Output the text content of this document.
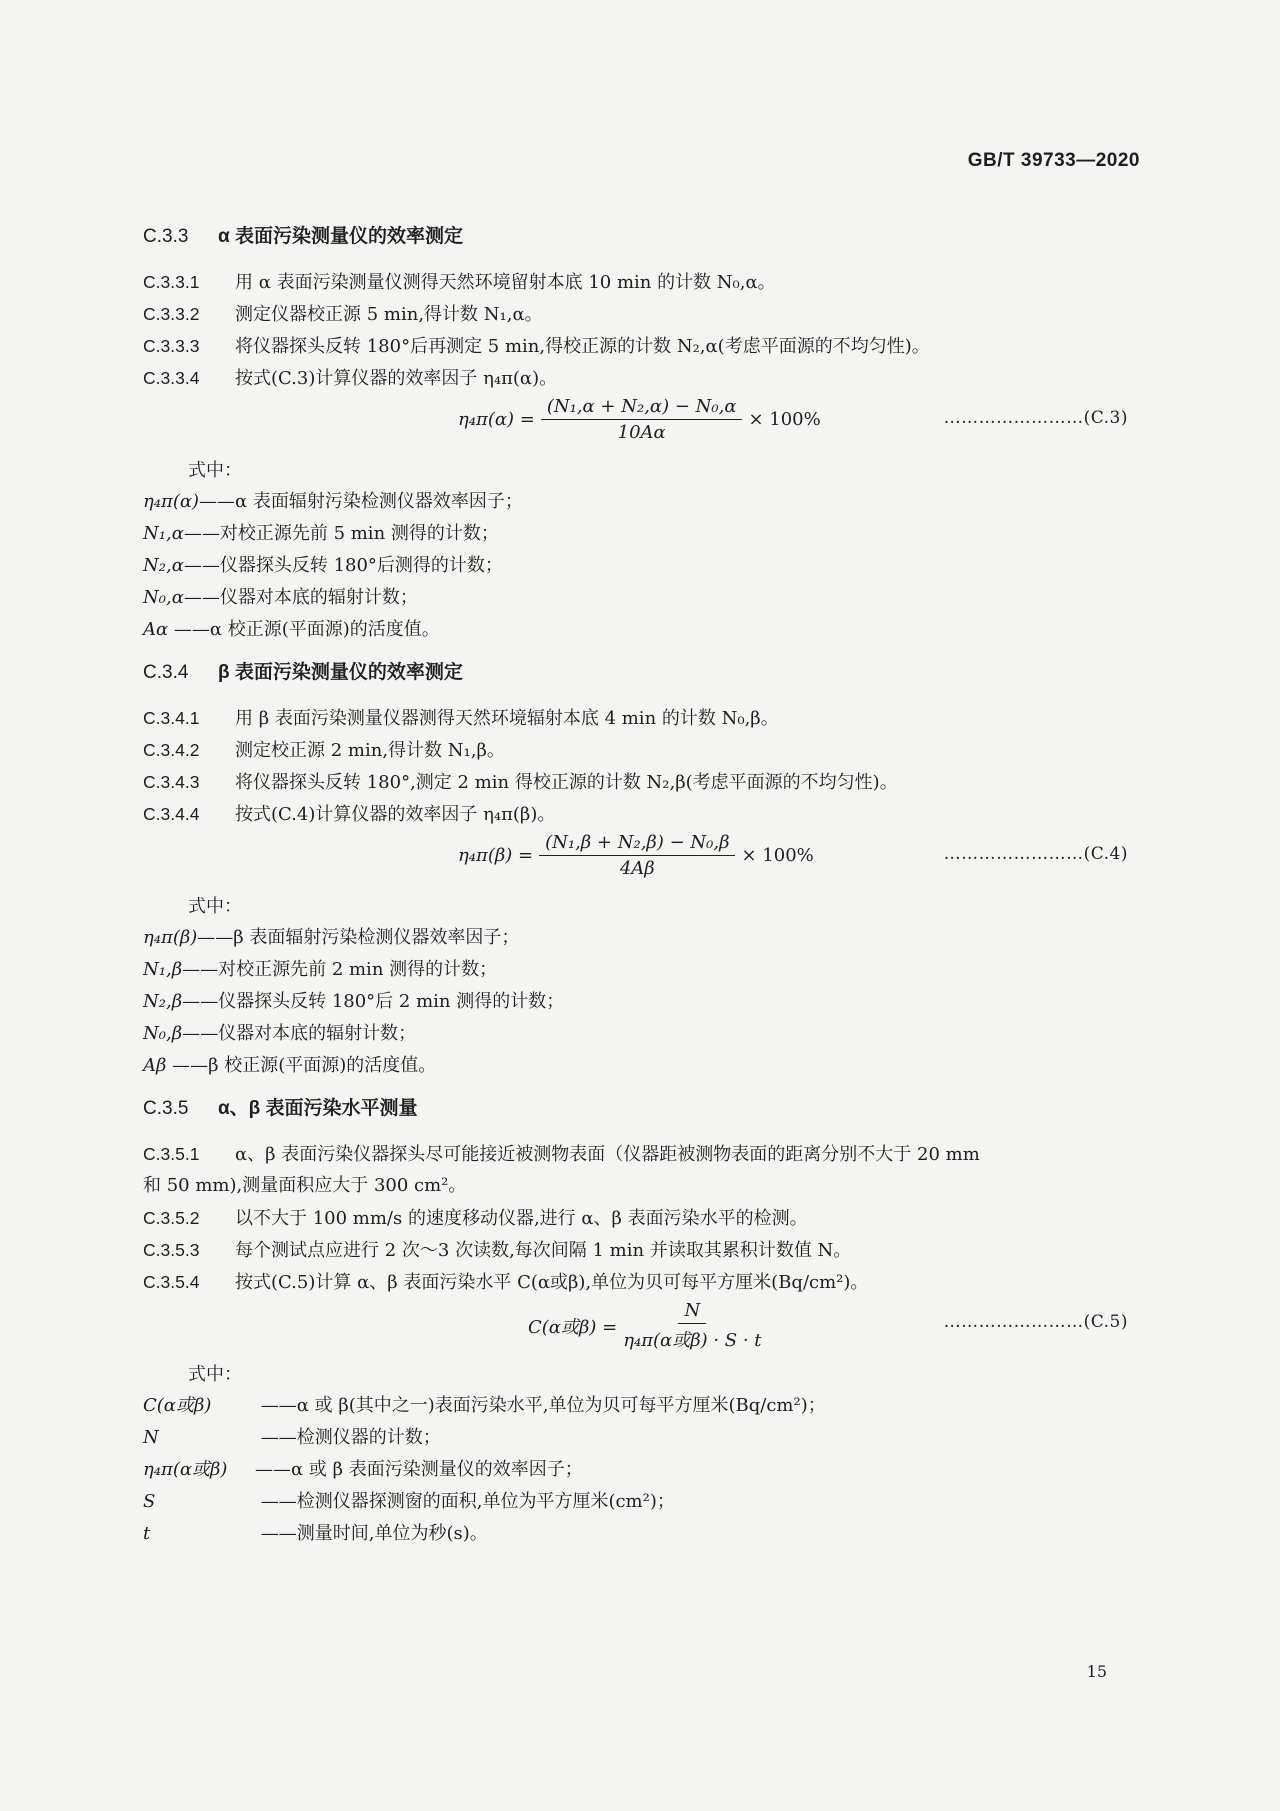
GB/T 39733—2020
C.3.3 α 表面污染测量仪的效率测定
C.3.3.1 用 α 表面污染测量仪测得天然环境留射本底 10 min 的计数 N₀,α。
C.3.3.2 测定仪器校正源 5 min,得计数 N₁,α。
C.3.3.3 将仪器探头反转 180°后再测定 5 min,得校正源的计数 N₂,α(考虑平面源的不均匀性)。
C.3.3.4 按式(C.3)计算仪器的效率因子 η₄π(α)。
$\eta_4\pi(\alpha) = \frac{\text{(N₁,α + N₂,α) − N₀,α}}{10A\alpha} \times 100\%$	……………………(C.3)
式中：
η₄π(α)——α 表面辐射污染检测仪器效率因子；
N₁,α——对校正源先前 5 min 测得的计数；
N₂,α——仪器探头反转 180°后测得的计数；
N₀,α——仪器对本底的辐射计数；
Aα ——α 校正源(平面源)的活度值。
C.3.4 β 表面污染测量仪的效率测定
C.3.4.1 用 β 表面污染测量仪器测得天然环境辐射本底 4 min 的计数 N₀,β。
C.3.4.2 测定校正源 2 min,得计数 N₁,β。
C.3.4.3 将仪器探头反转 180°,测定 2 min 得校正源的计数 N₂,β(考虑平面源的不均匀性)。
C.3.4.4 按式(C.4)计算仪器的效率因子 η₄π(β)。
$\eta_4\pi(\beta) = \frac{\text{(N₁,β + N₂,β) − N₀,β}}{4A\beta} \times 100\%$	……………………(C.4)
式中：
η₄π(β)——β 表面辐射污染检测仪器效率因子；
N₁,β——对校正源先前 2 min 测得的计数；
N₂,β——仪器探头反转 180°后 2 min 测得的计数；
N₀,β——仪器对本底的辐射计数；
Aβ ——β 校正源(平面源)的活度值。
C.3.5 α、β 表面污染水平测量
C.3.5.1 α、β 表面污染仪器探头尽可能接近被测物表面（仪器距被测物表面的距离分别不大于 20 mm
和 50 mm),测量面积应大于 300 cm²。
C.3.5.2 以不大于 100 mm/s 的速度移动仪器,进行 α、β 表面污染水平的检测。
C.3.5.3 每个测试点应进行 2 次～3 次读数,每次间隔 1 min 并读取其累积计数值 N。
C.3.5.4 按式(C.5)计算 α、β 表面污染水平 C(α或β),单位为贝可每平方厘米(Bq/cm²)。
C(α或$\beta) = \frac{N}{\text{η₄π(α或β) · S · t}}$	……………………(C.5)
式中：
C(α或β) ——α 或 β(其中之一)表面污染水平,单位为贝可每平方厘米(Bq/cm²)；
N	——检测仪器的计数；
η₄π(α或β) ——α 或 β 表面污染测量仪的效率因子；
S	——检测仪器探测窗的面积,单位为平方厘米(cm²)；
t	——测量时间,单位为秒(s)。
15
